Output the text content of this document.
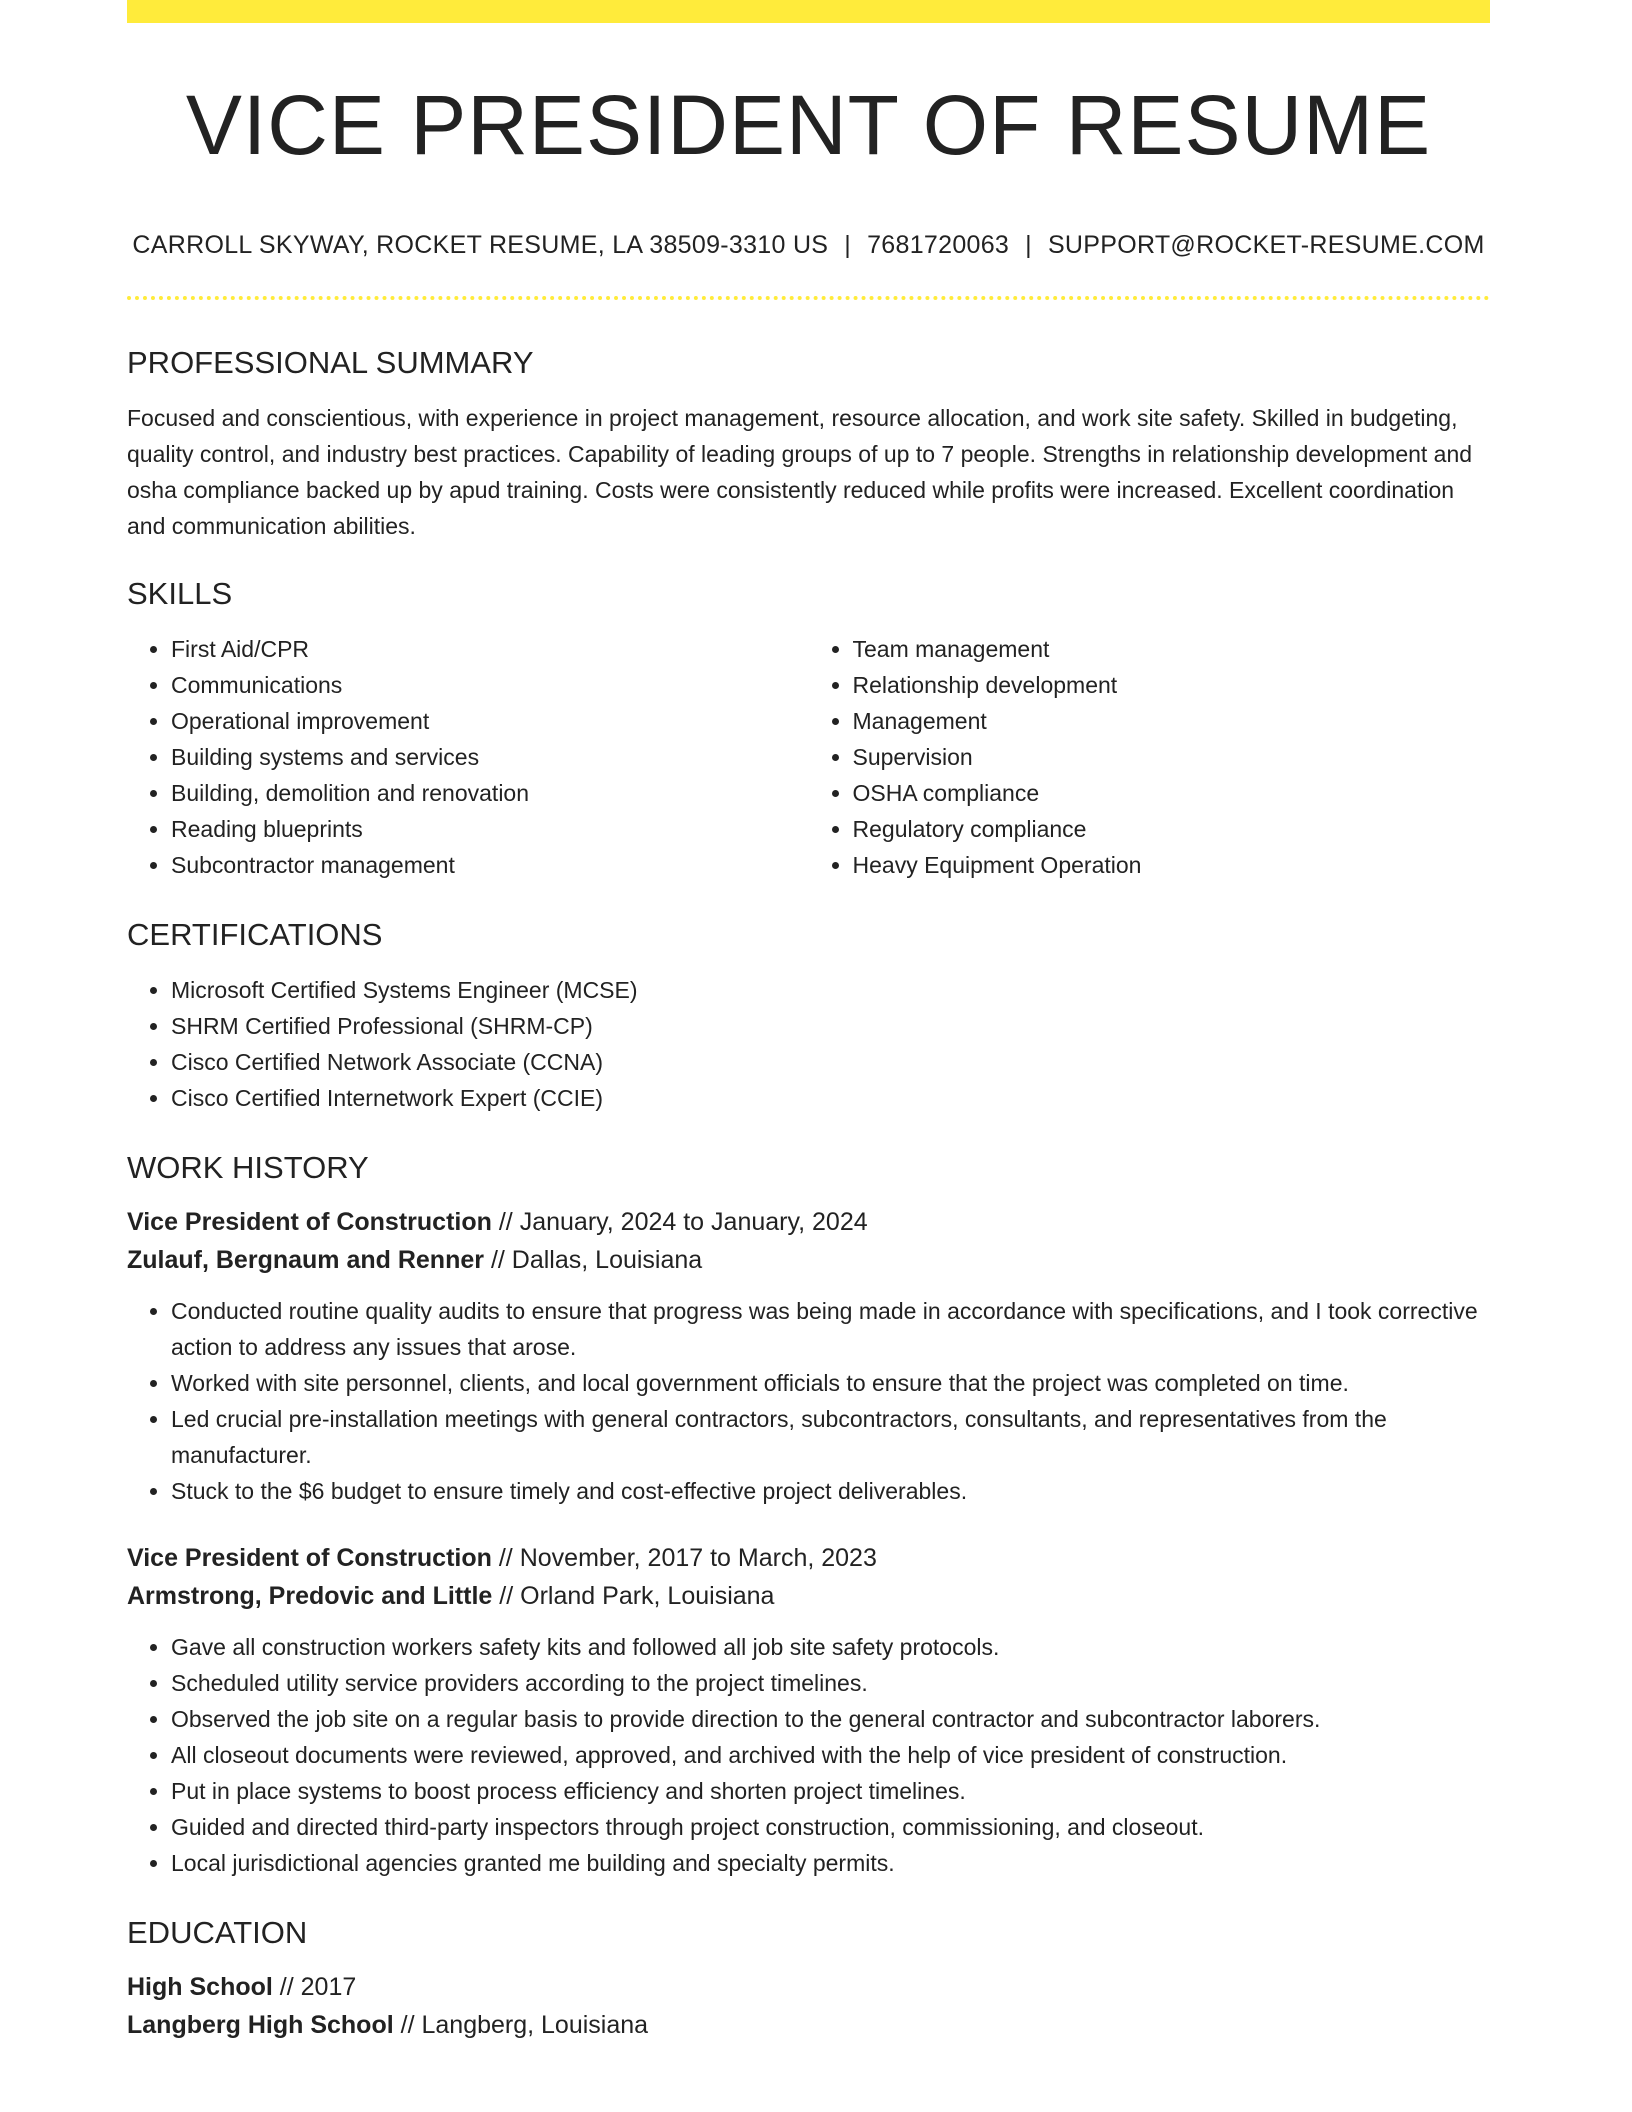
VICE PRESIDENT OF RESUME
CARROLL SKYWAY, ROCKET RESUME, LA 38509-3310 US | 7681720063 | SUPPORT@ROCKET-RESUME.COM
PROFESSIONAL SUMMARY

Focused and conscientious, with experience in project management, resource allocation, and work site safety. Skilled in budgeting, quality control, and industry best practices. Capability of leading groups of up to 7 people. Strengths in relationship development and osha compliance backed up by apud training. Costs were consistently reduced while profits were increased. Excellent coordination and communication abilities.

SKILLS
• First Aid/CPR
• Communications
• Operational improvement
• Building systems and services
• Building, demolition and renovation
• Reading blueprints
• Subcontractor management
• Team management
• Relationship development
• Management
• Supervision
• OSHA compliance
• Regulatory compliance
• Heavy Equipment Operation
CERTIFICATIONS
• Microsoft Certified Systems Engineer (MCSE)
• SHRM Certified Professional (SHRM-CP)
• Cisco Certified Network Associate (CCNA)
• Cisco Certified Internetwork Expert (CCIE)
WORK HISTORY

Vice President of Construction // January, 2024 to January, 2024

Zulauf, Bergnaum and Renner // Dallas, Louisiana

• Conducted routine quality audits to ensure that progress was being made in accordance with specifications, and I took corrective action to address any issues that arose.
• Worked with site personnel, clients, and local government officials to ensure that the project was completed on time.
• Led crucial pre-installation meetings with general contractors, subcontractors, consultants, and representatives from the manufacturer.
• Stuck to the $6 budget to ensure timely and cost-effective project deliverables.

Vice President of Construction // November, 2017 to March, 2023

Armstrong, Predovic and Little // Orland Park, Louisiana

• Gave all construction workers safety kits and followed all job site safety protocols.
• Scheduled utility service providers according to the project timelines.
• Observed the job site on a regular basis to provide direction to the general contractor and subcontractor laborers.
• All closeout documents were reviewed, approved, and archived with the help of vice president of construction.
• Put in place systems to boost process efficiency and shorten project timelines.
• Guided and directed third-party inspectors through project construction, commissioning, and closeout.
• Local jurisdictional agencies granted me building and specialty permits.
EDUCATION

High School // 2017

Langberg High School // Langberg, Louisiana
